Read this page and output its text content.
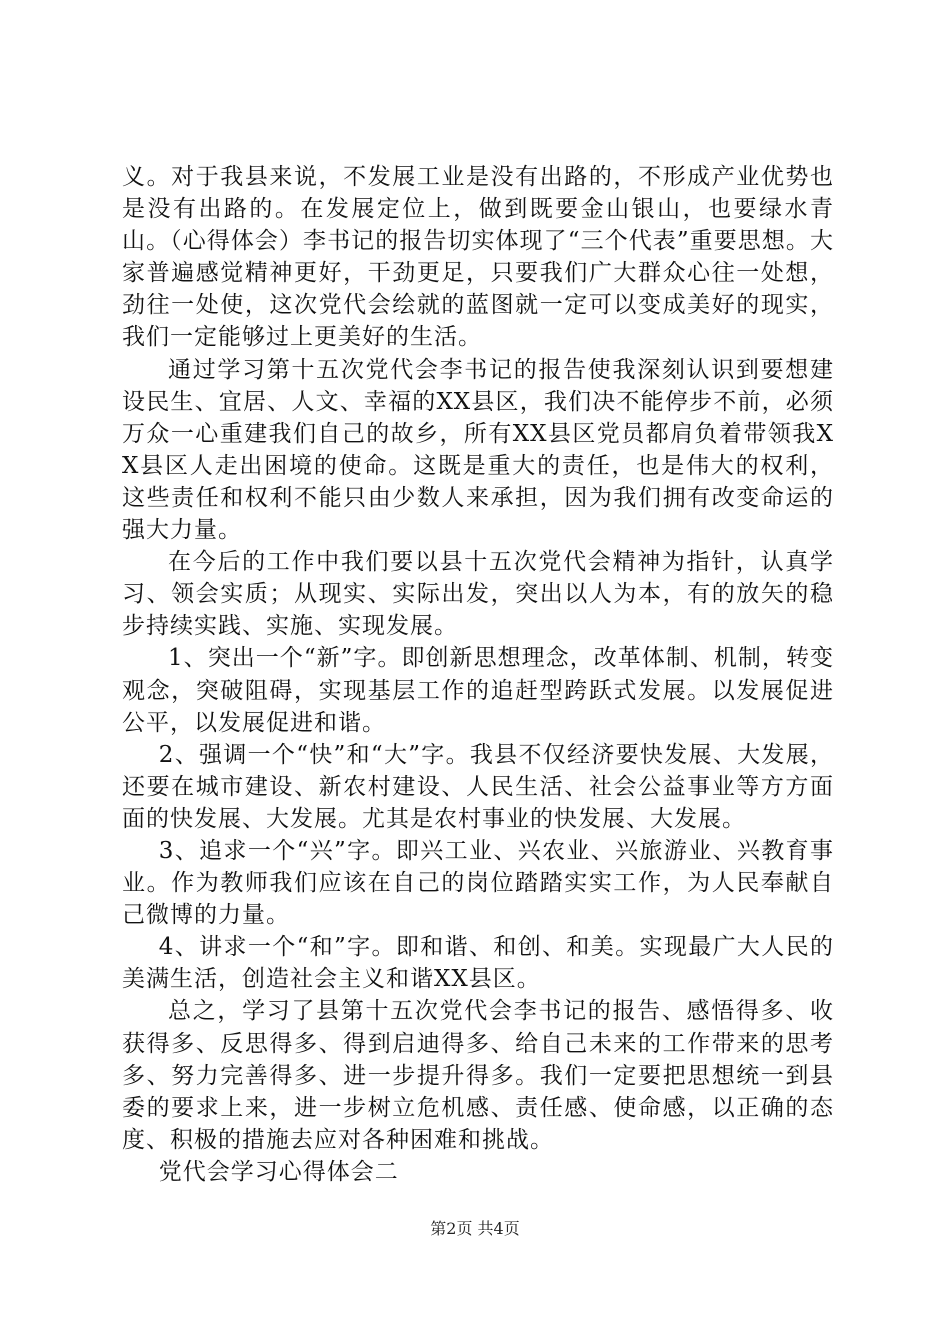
义。对于我县来说，不发展工业是没有出路的，不形成产业优势也是没有出路的。在发展定位上，做到既要金山银山，也要绿水青山。（心得体会）李书记的报告切实体现了“三个代表”重要思想。大家普遍感觉精神更好，干劲更足，只要我们广大群众心往一处想，劲往一处使，这次党代会绘就的蓝图就一定可以变成美好的现实，我们一定能够过上更美好的生活。

通过学习第十五次党代会李书记的报告使我深刻认识到要想建设民生、宜居、人文、幸福的XX县区，我们决不能停步不前，必须万众一心重建我们自己的故乡，所有XX县区党员都肩负着带领我XX县区人走出困境的使命。这既是重大的责任，也是伟大的权利，这些责任和权利不能只由少数人来承担，因为我们拥有改变命运的强大力量。

在今后的工作中我们要以县十五次党代会精神为指针，认真学习、领会实质；从现实、实际出发，突出以人为本，有的放矢的稳步持续实践、实施、实现发展。

1、突出一个“新”字。即创新思想理念，改革体制、机制，转变观念，突破阻碍，实现基层工作的追赶型跨跃式发展。以发展促进公平，以发展促进和谐。

2、强调一个“快”和“大”字。我县不仅经济要快发展、大发展，还要在城市建设、新农村建设、人民生活、社会公益事业等方方面面的快发展、大发展。尤其是农村事业的快发展、大发展。

3、追求一个“兴”字。即兴工业、兴农业、兴旅游业、兴教育事业。作为教师我们应该在自己的岗位踏踏实实工作，为人民奉献自己微博的力量。

4、讲求一个“和”字。即和谐、和创、和美。实现最广大人民的美满生活，创造社会主义和谐XX县区。

总之，学习了县第十五次党代会李书记的报告、感悟得多、收获得多、反思得多、得到启迪得多、给自己未来的工作带来的思考多、努力完善得多、进一步提升得多。我们一定要把思想统一到县委的要求上来，进一步树立危机感、责任感、使命感，以正确的态度、积极的措施去应对各种困难和挑战。

党代会学习心得体会二

第2页 共4页
